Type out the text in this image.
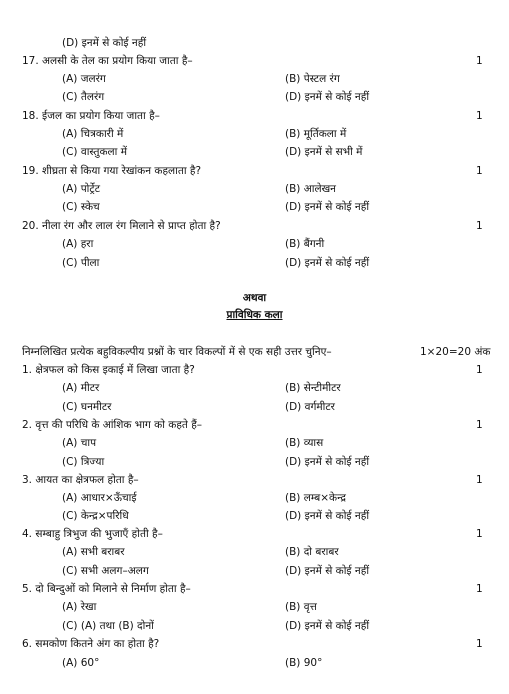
(D) इनमें से कोई नहीं
17. अलसी के तेल का प्रयोग किया जाता है–	1
(A) जलरंग	(B) पेस्टल रंग
(C) तैलरंग	(D) इनमें से कोई नहीं
18. ईजल का प्रयोग किया जाता है–	1
(A) चित्रकारी में	(B) मूर्तिकला में
(C) वास्तुकला में	(D) इनमें से सभी में
19. शीघ्रता से किया गया रेखांकन कहलाता है?	1
(A) पोर्ट्रेट	(B) आलेखन
(C) स्केच	(D) इनमें से कोई नहीं
20. नीला रंग और लाल रंग मिलाने से प्राप्त होता है?	1
(A) हरा	(B) बैंगनी
(C) पीला	(D) इनमें से कोई नहीं
अथवा
प्राविधिक कला
निम्नलिखित प्रत्येक बहुविकल्पीय प्रश्नों के चार विकल्पों में से एक सही उत्तर चुनिए–	1×20=20 अंक
1. क्षेत्रफल को किस इकाई में लिखा जाता है?	1
(A) मीटर	(B) सेन्टीमीटर
(C) घनमीटर	(D) वर्गमीटर
2. वृत्त की परिधि के आंशिक भाग को कहते हैं–	1
(A) चाप	(B) व्यास
(C) त्रिज्या	(D) इनमें से कोई नहीं
3. आयत का क्षेत्रफल होता है–	1
(A) आधार×ऊँचाई	(B) लम्ब×केन्द्र
(C) केन्द्र×परिधि	(D) इनमें से कोई नहीं
4. सम्बाहु त्रिभुज की भुजाएँ होती है–	1
(A) सभी बराबर	(B) दो बराबर
(C) सभी अलग–अलग	(D) इनमें से कोई नहीं
5. दो बिन्दुओं को मिलाने से निर्माण होता है–	1
(A) रेखा	(B) वृत्त
(C) (A) तथा (B) दोनों	(D) इनमें से कोई नहीं
6. समकोण कितने अंग का होता है?	1
(A) 60°	(B) 90°
